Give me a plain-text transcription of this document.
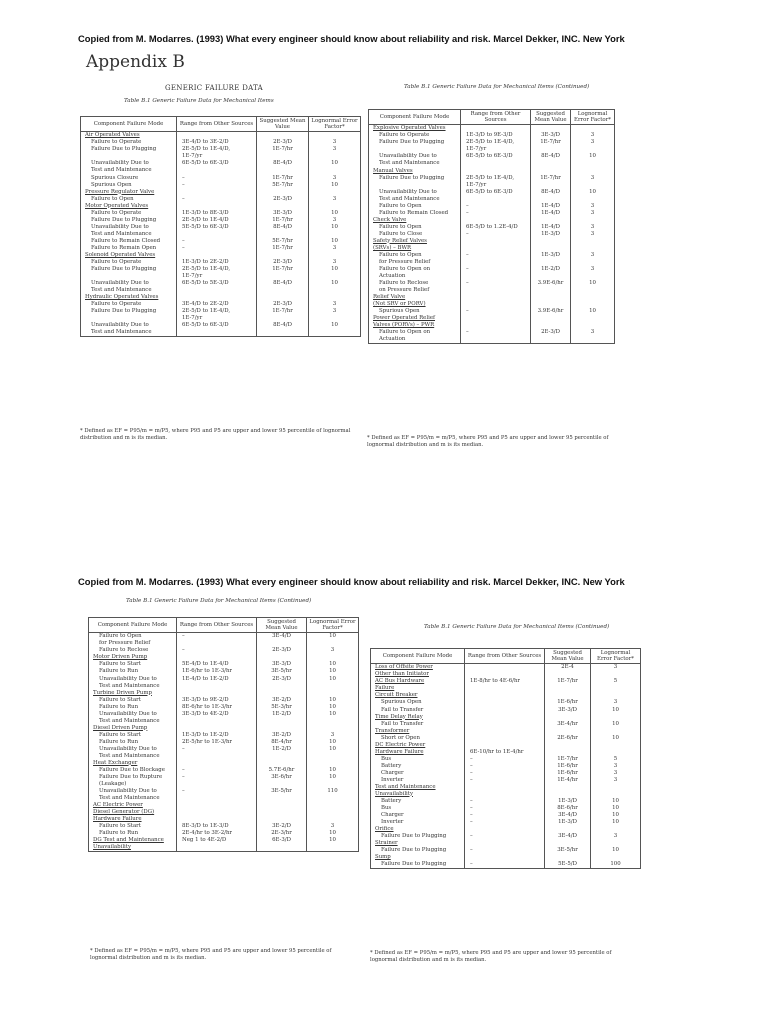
Copied from M. Modarres. (1993) What every engineer should know about reliability and risk. Marcel Dekker, INC. New York
Appendix B
GENERIC FAILURE DATA
Table B.1 Generic Failure Data for Mechanical Items
Component Failure Mode	Range from Other Sources	Suggested Mean Value	Lognormal Error Factor*
Air Operated Valves			
Failure to Operate	3E-4/D to 3E-2/D	2E-3/D	3
Failure Due to Plugging	2E-5/D to 1E-4/D,
1E-7/yr	1E-7/hr	3
Unavailability Due to
Test and Maintenance	6E-5/D to 6E-3/D	8E-4/D	10
Spurious Closure	–	1E-7/hr	3
Spurious Open	–	5E-7/hr	10
Pressure Regulator Valve			
Failure to Open	–	2E-3/D	3
Motor Operated Valves			
Failure to Operate	1E-3/D to 8E-3/D	3E-3/D	10
Failure Due to Plugging	2E-5/D to 1E-4/D	1E-7/hr	3
Unavailability Due to
Test and Maintenance	5E-5/D to 6E-3/D	8E-4/D	10
Failure to Remain Closed	–	5E-7/hr	10
Failure to Remain Open	–	1E-7/hr	3
Solenoid Operated Valves			
Failure to Operate	1E-3/D to 2E-2/D	2E-3/D	3
Failure Due to Plugging	2E-5/D to 1E-4/D,
1E-7/yr	1E-7/hr	10
Unavailability Due to
Test and Maintenance	6E-5/D to 5E-3/D	8E-4/D	10
Hydraulic Operated Valves			
Failure to Operate	3E-4/D to 2E-2/D	2E-3/D	3
Failure Due to Plugging	2E-5/D to 1E-4/D,
1E-7/yr	1E-7/hr	3
Unavailability Due to
Test and Maintenance	6E-5/D to 6E-3/D	8E-4/D	10
* Defined as EF = P95/m = m/P5, where P95 and P5 are upper and lower 95 percentile of lognormal distribution and m is its median.
Table B.1 Generic Failure Data for Mechanical Items (Continued)
Component Failure Mode	Range from Other Sources	Suggested Mean Value	Lognormal Error Factor*
Explosive Operated Valves			
Failure to Operate	1E-3/D to 9E-3/D	3E-3/D	3
Failure Due to Plugging	2E-5/D to 1E-4/D,
1E-7/yr	1E-7/hr	3
Unavailability Due to
Test and Maintenance	6E-5/D to 6E-3/D	8E-4/D	10
Manual Valves			
Failure Due to Plugging	2E-5/D to 1E-4/D,
1E-7/yr	1E-7/hr	3
Unavailability Due to
Test and Maintenance	6E-5/D to 6E-3/D	8E-4/D	10
Failure to Open	–	1E-4/D	3
Failure to Remain Closed	–	1E-4/D	3
Check Valve			
Failure to Open	6E-5/D to 1.2E-4/D	1E-4/D	3
Failure to Close	–	1E-3/D	3
Safety Relief Valves
(SRVs) – BWR			
Failure to Open
for Pressure Relief	–	1E-3/D	3
Failure to Open on
Actuation	–	1E-2/D	3
Failure to Reclose
on Pressure Relief	–	3.9E-6/hr	10
Relief Valve
(Not SRV or PORV)			
Spurious Open	–	3.9E-6/hr	10
Power Operated Relief
Valves (PORVs) – PWR			
Failure to Open on
Actuation	–	2E-3/D	3
* Defined as EF = P95/m = m/P5, where P95 and P5 are upper and lower 95 percentile of lognormal distribution and m is its median.
Copied from M. Modarres. (1993) What every engineer should know about reliability and risk. Marcel Dekker, INC. New York
Table B.1 Generic Failure Data for Mechanical Items (Continued)
Component Failure Mode	Range from Other Sources	Suggested Mean Value	Lognormal Error Factor*
Failure to Open
for Pressure Relief	–	3E-4/D	10
Failure to Reclose	–	2E-3/D	3
Motor Driven Pump			
Failure to Start	5E-4/D to 1E-4/D	3E-3/D	10
Failure to Run	1E-6/hr to 1E-3/hr	3E-5/hr	10
Unavailability Due to
Test and Maintenance	1E-4/D to 1E-2/D	2E-3/D	10
Turbine Driven Pump			
Failure to Start	3E-3/D to 9E-2/D	3E-2/D	10
Failure to Run	8E-6/hr to 1E-3/hr	5E-3/hr	10
Unavailability Due to
Test and Maintenance	3E-3/D to 4E-2/D	1E-2/D	10
Diesel Driven Pump			
Failure to Start	1E-3/D to 1E-2/D	3E-2/D	3
Failure to Run	2E-5/hr to 1E-3/hr	8E-4/hr	10
Unavailability Due to
Test and Maintenance	–	1E-2/D	10
Heat Exchanger			
Failure Due to Blockage	–	5.7E-6/hr	10
Failure Due to Rupture
(Leakage)	–	3E-6/hr	10
Unavailability Due to
Test and Maintenance	–	3E-5/hr	110
AC Electric Power			
Diesel Generator (DG)
Hardware Failure			
Failure to Start	8E-3/D to 1E-3/D	3E-2/D	3
Failure to Run	2E-4/hr to 3E-2/hr	2E-3/hr	10
DG Test and Maintenance
Unavailability	Neg 1 to 4E-2/D	6E-3/D	10
* Defined as EF = P95/m = m/P5, where P95 and P5 are upper and lower 95 percentile of lognormal distribution and m is its median.
Table B.1 Generic Failure Data for Mechanical Items (Continued)
Component Failure Mode	Range from Other Sources	Suggested Mean Value	Lognormal Error Factor*
Loss of Offsite Power
Other than Initiator		2E-4	3
AC Bus Hardware
Failure	1E-8/hr to 4E-6/hr	1E-7/hr	5
Circuit Breaker			
Spurious Open		1E-6/hr	3
Fail to Transfer		3E-3/D	10
Time Delay Relay			
Fail to Transfer		3E-4/hr	10
Transformer			
Short or Open		2E-6/hr	10
DC Electric Power			
Hardware Failure	6E-10/hr to 1E-4/hr		
Bus	–	1E-7/hr	5
Battery	–	1E-6/hr	3
Charger	–	1E-6/hr	3
Inverter	–	1E-4/hr	3
Test and Maintenance
Unavailability			
Battery	–	1E-3/D	10
Bus	–	8E-6/hr	10
Charger	–	3E-4/D	10
Inverter	–	1E-3/D	10
Orifice			
Failure Due to Plugging	–	3E-4/D	3
Strainer			
Failure Due to Plugging	–	3E-5/hr	10
Sump			
Failure Due to Plugging	–	5E-5/D	100
* Defined as EF = P95/m = m/P5, where P95 and P5 are upper and lower 95 percentile of lognormal distribution and m is its median.
